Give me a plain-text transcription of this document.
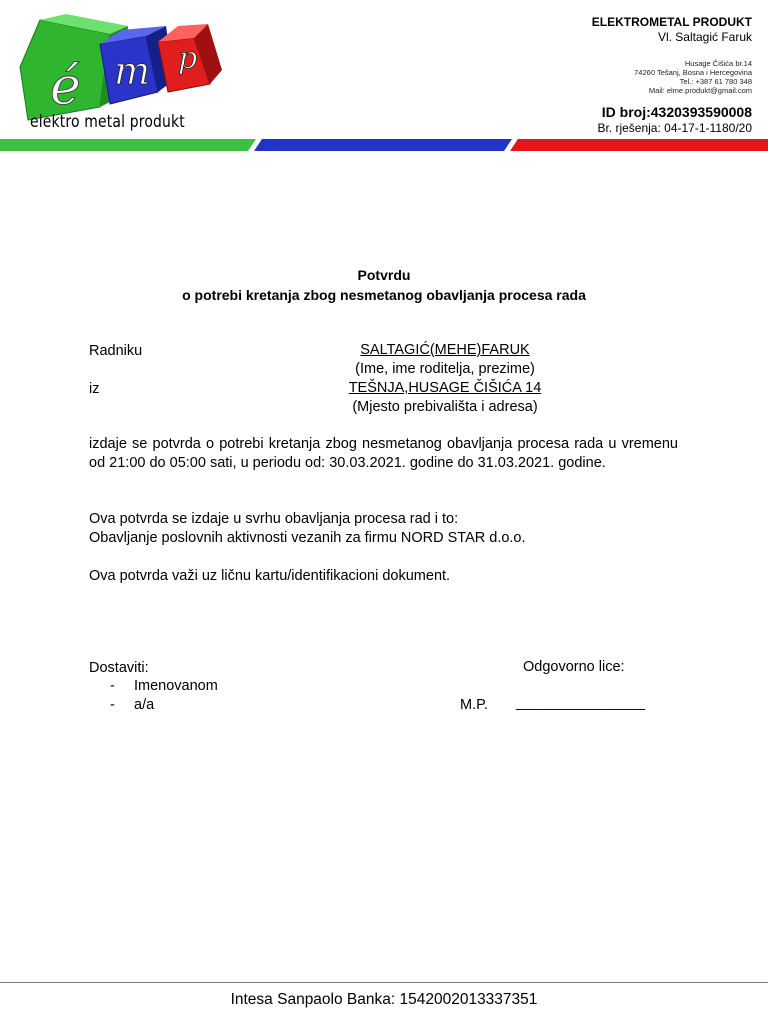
é m p
elektro metal produkt
ELEKTROMETAL PRODUKT
Vl. Saltagić Faruk
Husage Čišića br.14
74260 Tešanj, Bosna i Hercegovina
Tel.: +387 61 780 348
Mail: elme.produkt@gmail.com
ID broj:4320393590008
Br. rješenja: 04-17-1-1180/20
Potvrdu
o potrebi kretanja zbog nesmetanog obavljanja procesa rada
Radniku	SALTAGIĆ(MEHE)FARUK
(Ime, ime roditelja, prezime)
iz	TEŠNJA,HUSAGE ČIŠIĆA 14
(Mjesto prebivališta i adresa)
izdaje se potvrda o potrebi kretanja zbog nesmetanog obavljanja procesa rada u vremenu od 21:00 do 05:00 sati, u periodu od: 30.03.2021. godine do 31.03.2021. godine.
Ova potvrda se izdaje u svrhu obavljanja procesa rad i to:
Obavljanje poslovnih aktivnosti vezanih za firmu NORD STAR d.o.o.
Ova potvrda važi uz ličnu kartu/identifikacioni dokument.
Dostaviti:	Odgovorno lice:
- Imenovanom
- a/a	M.P. ________________
Intesa Sanpaolo Banka: 1542002013337351
